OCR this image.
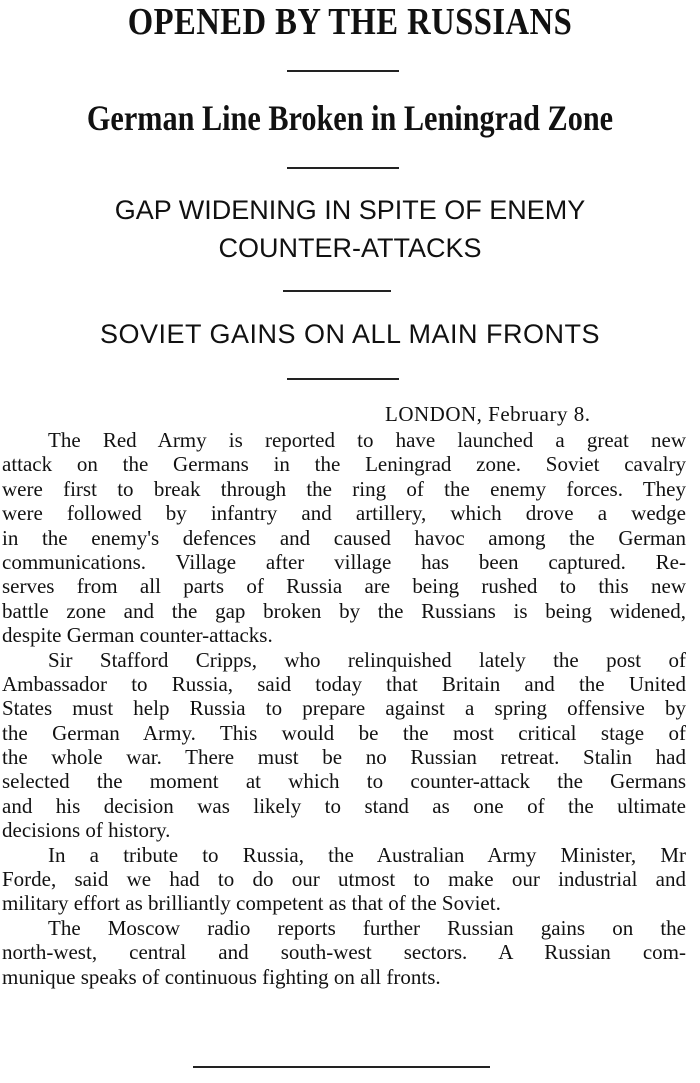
OPENED BY THE RUSSIANS
German Line Broken in Leningrad Zone
GAP WIDENING IN SPITE OF ENEMY
COUNTER-ATTACKS
SOVIET GAINS ON ALL MAIN FRONTS
LONDON, February 8.
The Red Army is reported to have launched a great new
attack on the Germans in the Leningrad zone. Soviet cavalry
were first to break through the ring of the enemy forces. They
were followed by infantry and artillery, which drove a wedge
in the enemy's defences and caused havoc among the German
communications. Village after village has been captured. Re-
serves from all parts of Russia are being rushed to this new
battle zone and the gap broken by the Russians is being widened,
despite German counter-attacks.
Sir Stafford Cripps, who relinquished lately the post of
Ambassador to Russia, said today that Britain and the United
States must help Russia to prepare against a spring offensive by
the German Army. This would be the most critical stage of
the whole war. There must be no Russian retreat. Stalin had
selected the moment at which to counter-attack the Germans
and his decision was likely to stand as one of the ultimate
decisions of history.
In a tribute to Russia, the Australian Army Minister, Mr
Forde, said we had to do our utmost to make our industrial and
military effort as brilliantly competent as that of the Soviet.
The Moscow radio reports further Russian gains on the
north-west, central and south-west sectors. A Russian com-
munique speaks of continuous fighting on all fronts.
